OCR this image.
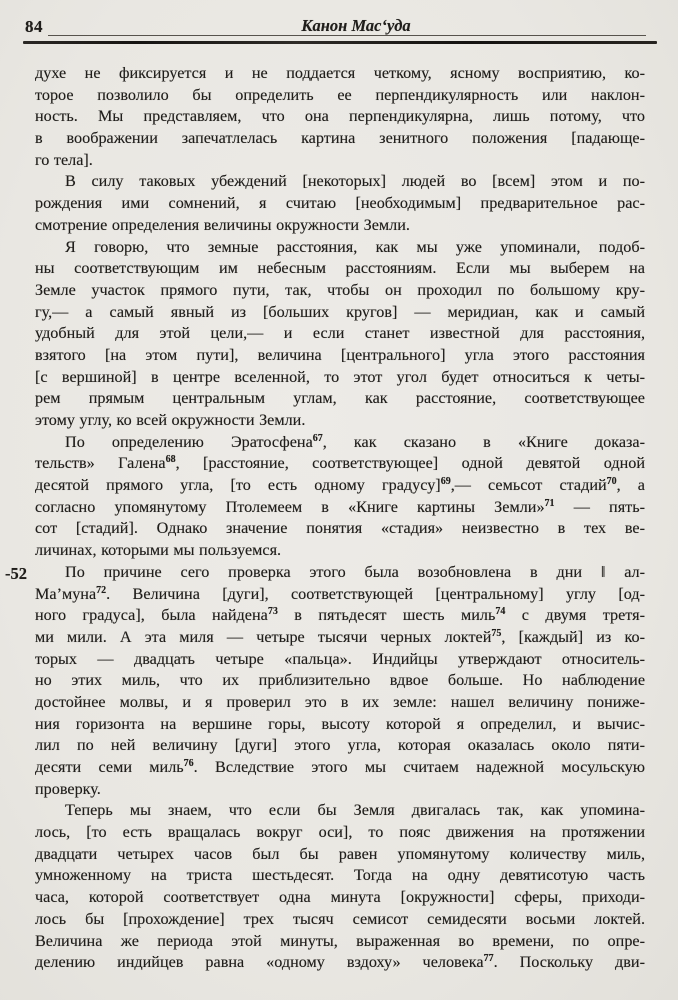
84	Канон Мас‘уда
-52
духе не фиксируется и не поддается четкому, ясному восприятию, ко-
торое позволило бы определить ее перпендикулярность или наклон-
ность. Мы представляем, что она перпендикулярна, лишь потому, что
в воображении запечатлелась картина зенитного положения [падающе-
го тела].
В силу таковых убеждений [некоторых] людей во [всем] этом и по-
рождения ими сомнений, я считаю [необходимым] предварительное рас-
смотрение определения величины окружности Земли.
Я говорю, что земные расстояния, как мы уже упоминали, подоб-
ны соответствующим им небесным расстояниям. Если мы выберем на
Земле участок прямого пути, так, чтобы он проходил по большому кру-
гу,— а самый явный из [больших кругов] — меридиан, как и самый
удобный для этой цели,— и если станет известной для расстояния,
взятого [на этом пути], величина [центрального] угла этого расстояния
[с вершиной] в центре вселенной, то этот угол будет относиться к четы-
рем прямым центральным углам, как расстояние, соответствующее
этому углу, ко всей окружности Земли.
По определению Эратосфена$^{67}$, как сказано в «Книге доказа-
тельств» Галена$^{68}$, [расстояние, соответствующее] одной девятой одной
десятой прямого угла, [то есть одному градусу]$^{69}$,— семьсот стадий$^{70}$, а
согласно упомянутому Птолемеем в «Книге картины Земли»$^{71}$ — пять-
сот [стадий]. Однако значение понятия «стадия» неизвестно в тех ве-
личинах, которыми мы пользуемся.
По причине сего проверка этого была возобновлена в дни ‖ ал-
Ма’муна$^{72}$. Величина [дуги], соответствующей [центральному] углу [од-
ного градуса], была найдена$^{73}$ в пятьдесят шесть миль$^{74}$ с двумя третя-
ми мили. А эта миля — четыре тысячи черных локтей$^{75}$, [каждый] из ко-
торых — двадцать четыре «пальца». Индийцы утверждают относитель-
но этих миль, что их приблизительно вдвое больше. Но наблюдение
достойнее молвы, и я проверил это в их земле: нашел величину пониже-
ния горизонта на вершине горы, высоту которой я определил, и вычис-
лил по ней величину [дуги] этого угла, которая оказалась около пяти-
десяти семи миль$^{76}$. Вследствие этого мы считаем надежной мосульскую
проверку.
Теперь мы знаем, что если бы Земля двигалась так, как упомина-
лось, [то есть вращалась вокруг оси], то пояс движения на протяжении
двадцати четырех часов был бы равен упомянутому количеству миль,
умноженному на триста шестьдесят. Тогда на одну девятисотую часть
часа, которой соответствует одна минута [окружности] сферы, приходи-
лось бы [прохождение] трех тысяч семисот семидесяти восьми локтей.
Величина же периода этой минуты, выраженная во времени, по опре-
делению индийцев равна «одному вздоху» человека$^{77}$. Поскольку дви-
